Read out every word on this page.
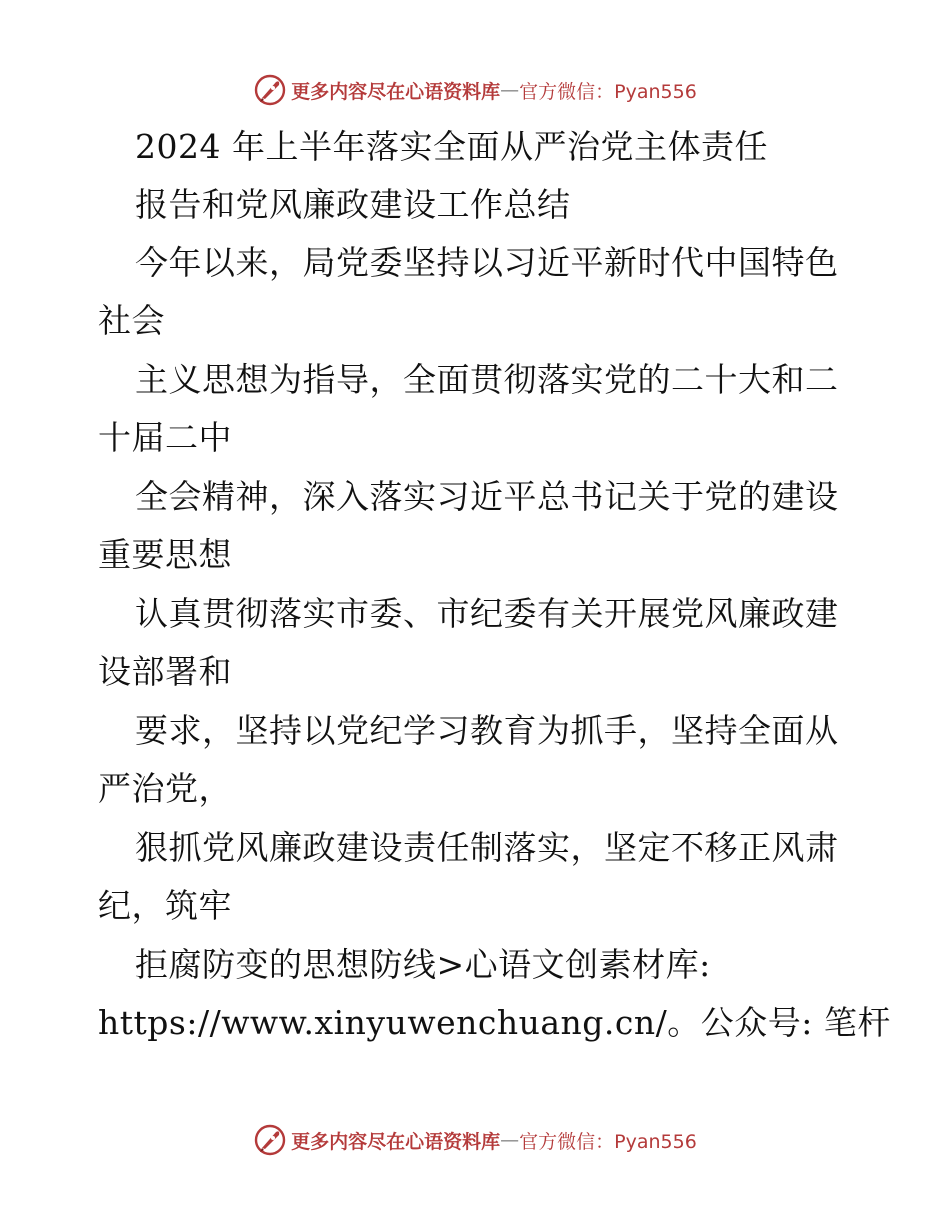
更多内容尽在心语资料库 — 官方微信：Pyan556
2024 年上半年落实全面从严治党主体责任
报告和党风廉政建设工作总结
今年以来，局党委坚持以习近平新时代中国特色
社会
主义思想为指导，全面贯彻落实党的二十大和二
十届二中
全会精神，深入落实习近平总书记关于党的建设
重要思想
认真贯彻落实市委、市纪委有关开展党风廉政建
设部署和
要求，坚持以党纪学习教育为抓手，坚持全面从
严治党，
狠抓党风廉政建设责任制落实，坚定不移正风肃
纪，筑牢
拒腐防变的思想防线>心语文创素材库:
https://www.xinyuwenchuang.cn/。公众号: 笔杆
更多内容尽在心语资料库 — 官方微信：Pyan556
